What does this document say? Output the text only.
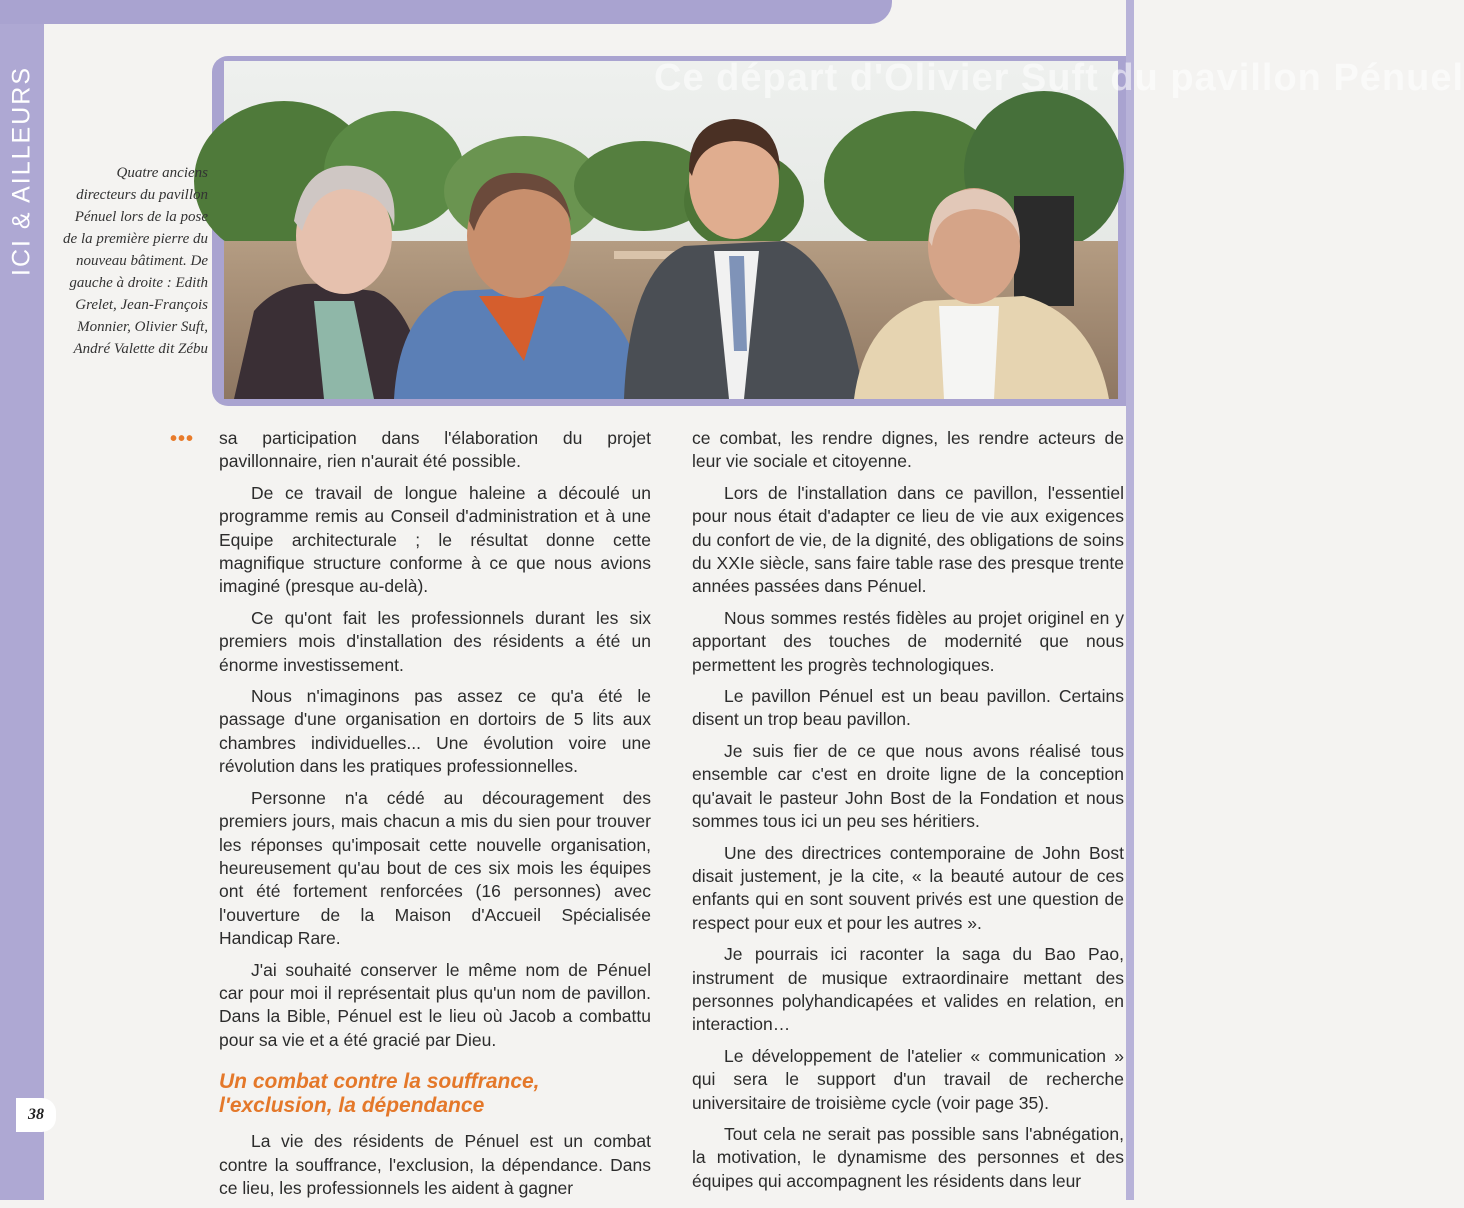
ICI & AILLEURS	Ce départ d'Olivier Suft du pavillon Pénuel
Quatre anciens directeurs du pavillon Pénuel lors de la pose de la première pierre du nouveau bâtiment. De gauche à droite : Edith Grelet, Jean-François Monnier, Olivier Suft, André Valette dit Zébu
••• sa participation dans l'élaboration du projet pavillonnaire, rien n'aurait été possible.

De ce travail de longue haleine a découlé un programme remis au Conseil d'administration et à une Equipe architecturale ; le résultat donne cette magnifique structure conforme à ce que nous avions imaginé (presque au-delà).

Ce qu'ont fait les professionnels durant les six premiers mois d'installation des résidents a été un énorme investissement.

Nous n'imaginons pas assez ce qu'a été le passage d'une organisation en dortoirs de 5 lits aux chambres individuelles... Une évolution voire une révolution dans les pratiques professionnelles.

Personne n'a cédé au découragement des premiers jours, mais chacun a mis du sien pour trouver les réponses qu'imposait cette nouvelle organisation, heureusement qu'au bout de ces six mois les équipes ont été fortement renforcées (16 personnes) avec l'ouverture de la Maison d'Accueil Spécialisée Handicap Rare.

J'ai souhaité conserver le même nom de Pénuel car pour moi il représentait plus qu'un nom de pavillon. Dans la Bible, Pénuel est le lieu où Jacob a combattu pour sa vie et a été gracié par Dieu.

Un combat contre la souffrance,
l'exclusion, la dépendance

La vie des résidents de Pénuel est un combat contre la souffrance, l'exclusion, la dépendance. Dans ce lieu, les professionnels les aident à gagner

ce combat, les rendre dignes, les rendre acteurs de leur vie sociale et citoyenne.

Lors de l'installation dans ce pavillon, l'essentiel pour nous était d'adapter ce lieu de vie aux exigences du confort de vie, de la dignité, des obligations de soins du XXIe siècle, sans faire table rase des presque trente années passées dans Pénuel.

Nous sommes restés fidèles au projet originel en y apportant des touches de modernité que nous permettent les progrès technologiques.

Le pavillon Pénuel est un beau pavillon. Certains disent un trop beau pavillon.

Je suis fier de ce que nous avons réalisé tous ensemble car c'est en droite ligne de la conception qu'avait le pasteur John Bost de la Fondation et nous sommes tous ici un peu ses héritiers.

Une des directrices contemporaine de John Bost disait justement, je la cite, « la beauté autour de ces enfants qui en sont souvent privés est une question de respect pour eux et pour les autres ».

Je pourrais ici raconter la saga du Bao Pao, instrument de musique extraordinaire mettant des personnes polyhandicapées et valides en relation, en interaction…

Le développement de l'atelier « communication » qui sera le support d'un travail de recherche universitaire de troisième cycle (voir page 35).

Tout cela ne serait pas possible sans l'abnégation, la motivation, le dynamisme des personnes et des équipes qui accompagnent les résidents dans leur

38
